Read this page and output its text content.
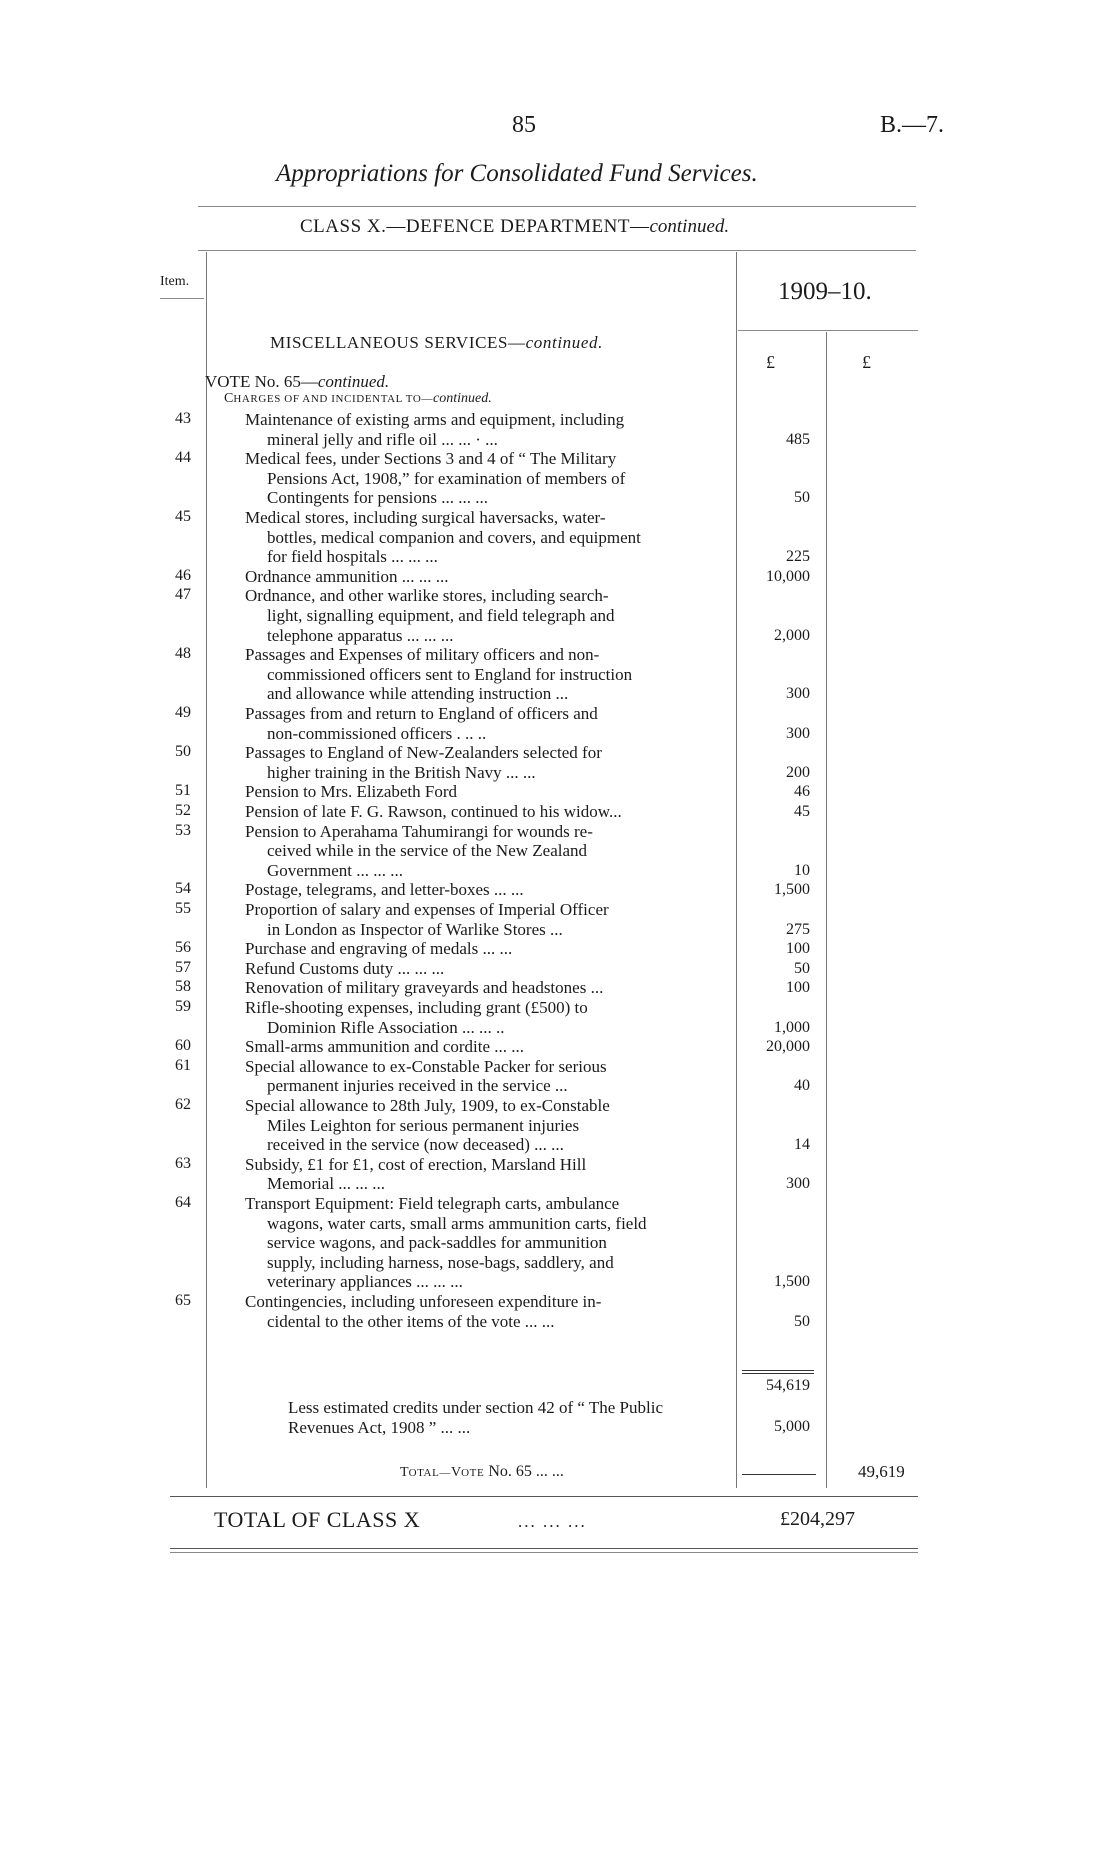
85	B.—7.
Appropriations for Consolidated Fund Services.
CLASS X.—DEFENCE DEPARTMENT—continued.
Item.	1909–10.
£	£
MISCELLANEOUS SERVICES—continued.
VOTE No. 65—continued.
CHARGES OF AND INCIDENTAL TO—continued.
43	Maintenance of existing arms and equipment, including
mineral jelly and rifle oil ... ... · ...	485
44	Medical fees, under Sections 3 and 4 of “ The Military
Pensions Act, 1908,” for examination of members of
Contingents for pensions ... ... ...	50
45	Medical stores, including surgical haversacks, water-
bottles, medical companion and covers, and equipment
for field hospitals ... ... ...	225
46	Ordnance ammunition ... ... ...	10,000
47	Ordnance, and other warlike stores, including search-
light, signalling equipment, and field telegraph and
telephone apparatus ... ... ...	2,000
48	Passages and Expenses of military officers and non-
commissioned officers sent to England for instruction
and allowance while attending instruction ...	300
49	Passages from and return to England of officers and
non-commissioned officers . .. ..	300
50	Passages to England of New-Zealanders selected for
higher training in the British Navy ... ...	200
51	Pension to Mrs. Elizabeth Ford	46
52	Pension of late F. G. Rawson, continued to his widow...	45
53	Pension to Aperahama Tahumirangi for wounds re-
ceived while in the service of the New Zealand
Government ... ... ...	10
54	Postage, telegrams, and letter-boxes ... ...	1,500
55	Proportion of salary and expenses of Imperial Officer
in London as Inspector of Warlike Stores ...	275
56	Purchase and engraving of medals ... ...	100
57	Refund Customs duty ... ... ...	50
58	Renovation of military graveyards and headstones ...	100
59	Rifle-shooting expenses, including grant (£500) to
Dominion Rifle Association ... ... ..	1,000
60	Small-arms ammunition and cordite ... ...	20,000
61	Special allowance to ex-Constable Packer for serious
permanent injuries received in the service ...	40
62	Special allowance to 28th July, 1909, to ex-Constable
Miles Leighton for serious permanent injuries
received in the service (now deceased) ... ...	14
63	Subsidy, £1 for £1, cost of erection, Marsland Hill
Memorial ... ... ...	300
64	Transport Equipment: Field telegraph carts, ambulance
wagons, water carts, small arms ammunition carts, field
service wagons, and pack-saddles for ammunition
supply, including harness, nose-bags, saddlery, and
veterinary appliances ... ... ...	1,500
65	Contingencies, including unforeseen expenditure in-
cidental to the other items of the vote ... ...	50
54,619
Less estimated credits under section 42 of “ The Public Revenues Act, 1908 ” ... ...	5,000
TOTAL—VOTE No. 65 ... ...	49,619
TOTAL OF CLASS X	... ... ...	£204,297
